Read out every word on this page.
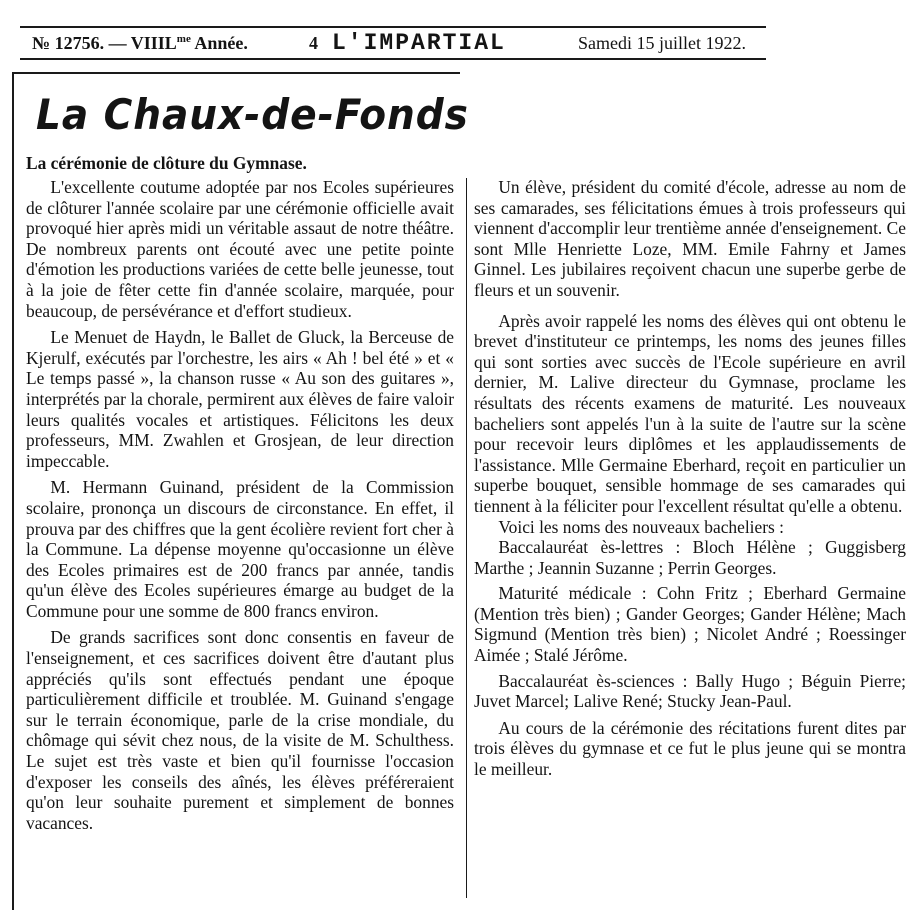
№ 12756. — $VIIIL^{me}$ Année.	4 L'IMPARTIAL	Samedi 15 juillet 1922.
La Chaux-de-Fonds

La cérémonie de clôture du Gymnase.

L'excellente coutume adoptée par nos Ecoles supérieures de clôturer l'année scolaire par une cérémonie officielle avait provoqué hier après midi un véritable assaut de notre théâtre. De nombreux parents ont écouté avec une petite pointe d'émotion les productions variées de cette belle jeunesse, tout à la joie de fêter cette fin d'année scolaire, marquée, pour beaucoup, de persévérance et d'effort studieux.

Le Menuet de Haydn, le Ballet de Gluck, la Berceuse de Kjerulf, exécutés par l'orchestre, les airs « Ah ! bel été » et « Le temps passé », la chanson russe « Au son des guitares », interprétés par la chorale, permirent aux élèves de faire valoir leurs qualités vocales et artistiques. Félicitons les deux professeurs, MM. Zwahlen et Grosjean, de leur direction impeccable.

M. Hermann Guinand, président de la Commission scolaire, prononça un discours de circonstance. En effet, il prouva par des chiffres que la gent écolière revient fort cher à la Commune. La dépense moyenne qu'occasionne un élève des Ecoles primaires est de 200 francs par année, tandis qu'un élève des Ecoles supérieures émarge au budget de la Commune pour une somme de 800 francs environ.

De grands sacrifices sont donc consentis en faveur de l'enseignement, et ces sacrifices doivent être d'autant plus appréciés qu'ils sont effectués pendant une époque particulièrement difficile et troublée. M. Guinand s'engage sur le terrain économique, parle de la crise mondiale, du chômage qui sévit chez nous, de la visite de M. Schulthess. Le sujet est très vaste et bien qu'il fournisse l'occasion d'exposer les conseils des aînés, les élèves préféreraient qu'on leur souhaite purement et simplement de bonnes vacances.

Un élève, président du comité d'école, adresse au nom de ses camarades, ses félicitations émues à trois professeurs qui viennent d'accomplir leur trentième année d'enseignement. Ce sont Mlle Henriette Loze, MM. Emile Fahrny et James Ginnel. Les jubilaires reçoivent chacun une superbe gerbe de fleurs et un souvenir.

Après avoir rappelé les noms des élèves qui ont obtenu le brevet d'instituteur ce printemps, les noms des jeunes filles qui sont sorties avec succès de l'Ecole supérieure en avril dernier, M. Lalive directeur du Gymnase, proclame les résultats des récents examens de maturité. Les nouveaux bacheliers sont appelés l'un à la suite de l'autre sur la scène pour recevoir leurs diplômes et les applaudissements de l'assistance. Mlle Germaine Eberhard, reçoit en particulier un superbe bouquet, sensible hommage de ses camarades qui tiennent à la féliciter pour l'excellent résultat qu'elle a obtenu.

Voici les noms des nouveaux bacheliers :

Baccalauréat ès-lettres : Bloch Hélène ; Guggisberg Marthe ; Jeannin Suzanne ; Perrin Georges.

Maturité médicale : Cohn Fritz ; Eberhard Germaine (Mention très bien) ; Gander Georges; Gander Hélène; Mach Sigmund (Mention très bien) ; Nicolet André ; Roessinger Aimée ; Stalé Jérôme.

Baccalauréat ès-sciences : Bally Hugo ; Béguin Pierre; Juvet Marcel; Lalive René; Stucky Jean-Paul.

Au cours de la cérémonie des récitations furent dites par trois élèves du gymnase et ce fut le plus jeune qui se montra le meilleur.
